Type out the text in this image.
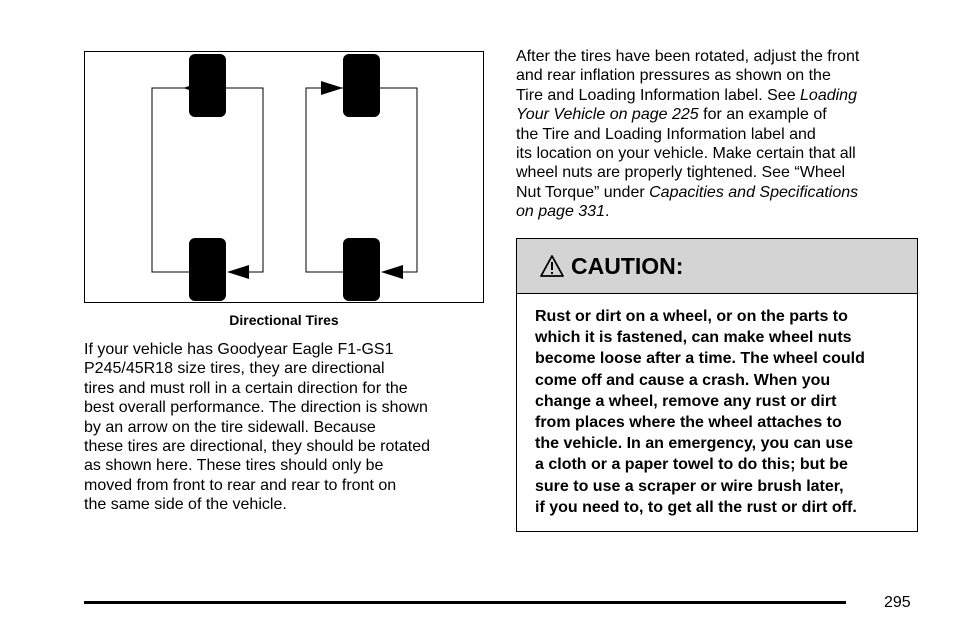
Directional Tires

If your vehicle has Goodyear Eagle F1-GS1

P245/45R18 size tires, they are directional

tires and must roll in a certain direction for the

best overall performance. The direction is shown

by an arrow on the tire sidewall. Because

these tires are directional, they should be rotated

as shown here. These tires should only be

moved from front to rear and rear to front on

the same side of the vehicle.

After the tires have been rotated, adjust the front

and rear inflation pressures as shown on the

Tire and Loading Information label. See Loading

Your Vehicle on page 225 for an example of

the Tire and Loading Information label and

its location on your vehicle. Make certain that all

wheel nuts are properly tightened. See “Wheel

Nut Torque” under Capacities and Specifications

on page 331.

CAUTION:
Rust or dirt on a wheel, or on the parts to
which it is fastened, can make wheel nuts
become loose after a time. The wheel could
come off and cause a crash. When you
change a wheel, remove any rust or dirt
from places where the wheel attaches to
the vehicle. In an emergency, you can use
a cloth or a paper towel to do this; but be
sure to use a scraper or wire brush later,
if you need to, to get all the rust or dirt off.
295
